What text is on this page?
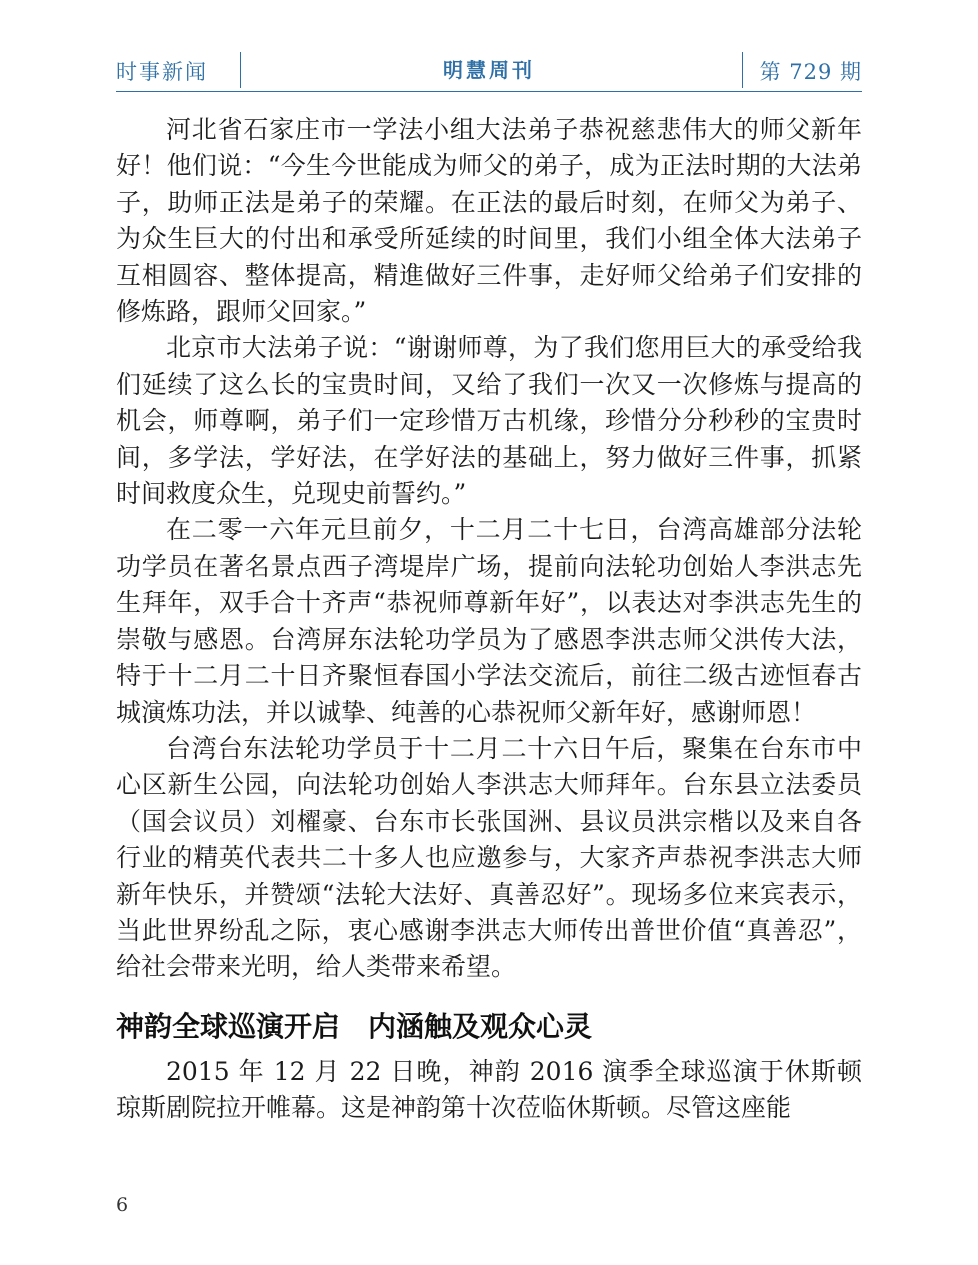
时事新闻	明慧周刊	第 729 期

河北省石家庄市一学法小组大法弟子恭祝慈悲伟大的师父新年好！他们说：“今生今世能成为师父的弟子，成为正法时期的大法弟子，助师正法是弟子的荣耀。在正法的最后时刻，在师父为弟子、为众生巨大的付出和承受所延续的时间里，我们小组全体大法弟子互相圆容、整体提高，精進做好三件事，走好师父给弟子们安排的修炼路，跟师父回家。”

北京市大法弟子说：“谢谢师尊，为了我们您用巨大的承受给我们延续了这么长的宝贵时间，又给了我们一次又一次修炼与提高的机会，师尊啊，弟子们一定珍惜万古机缘，珍惜分分秒秒的宝贵时间，多学法，学好法，在学好法的基础上，努力做好三件事，抓紧时间救度众生，兑现史前誓约。”

在二零一六年元旦前夕，十二月二十七日，台湾高雄部分法轮功学员在著名景点西子湾堤岸广场，提前向法轮功创始人李洪志先生拜年，双手合十齐声“恭祝师尊新年好”，以表达对李洪志先生的崇敬与感恩。台湾屏东法轮功学员为了感恩李洪志师父洪传大法，特于十二月二十日齐聚恒春国小学法交流后，前往二级古迹恒春古城演炼功法，并以诚挚、纯善的心恭祝师父新年好，感谢师恩！

台湾台东法轮功学员于十二月二十六日午后，聚集在台东市中心区新生公园，向法轮功创始人李洪志大师拜年。台东县立法委员（国会议员）刘櫂豪、台东市长张国洲、县议员洪宗楷以及来自各行业的精英代表共二十多人也应邀参与，大家齐声恭祝李洪志大师新年快乐，并赞颂“法轮大法好、真善忍好”。现场多位来宾表示，当此世界纷乱之际，衷心感谢李洪志大师传出普世价值“真善忍”，给社会带来光明，给人类带来希望。

神韵全球巡演开启　内涵触及观众心灵

2015 年 12 月 22 日晚，神韵 2016 演季全球巡演于休斯顿琼斯剧院拉开帷幕。这是神韵第十次莅临休斯顿。尽管这座能

6
